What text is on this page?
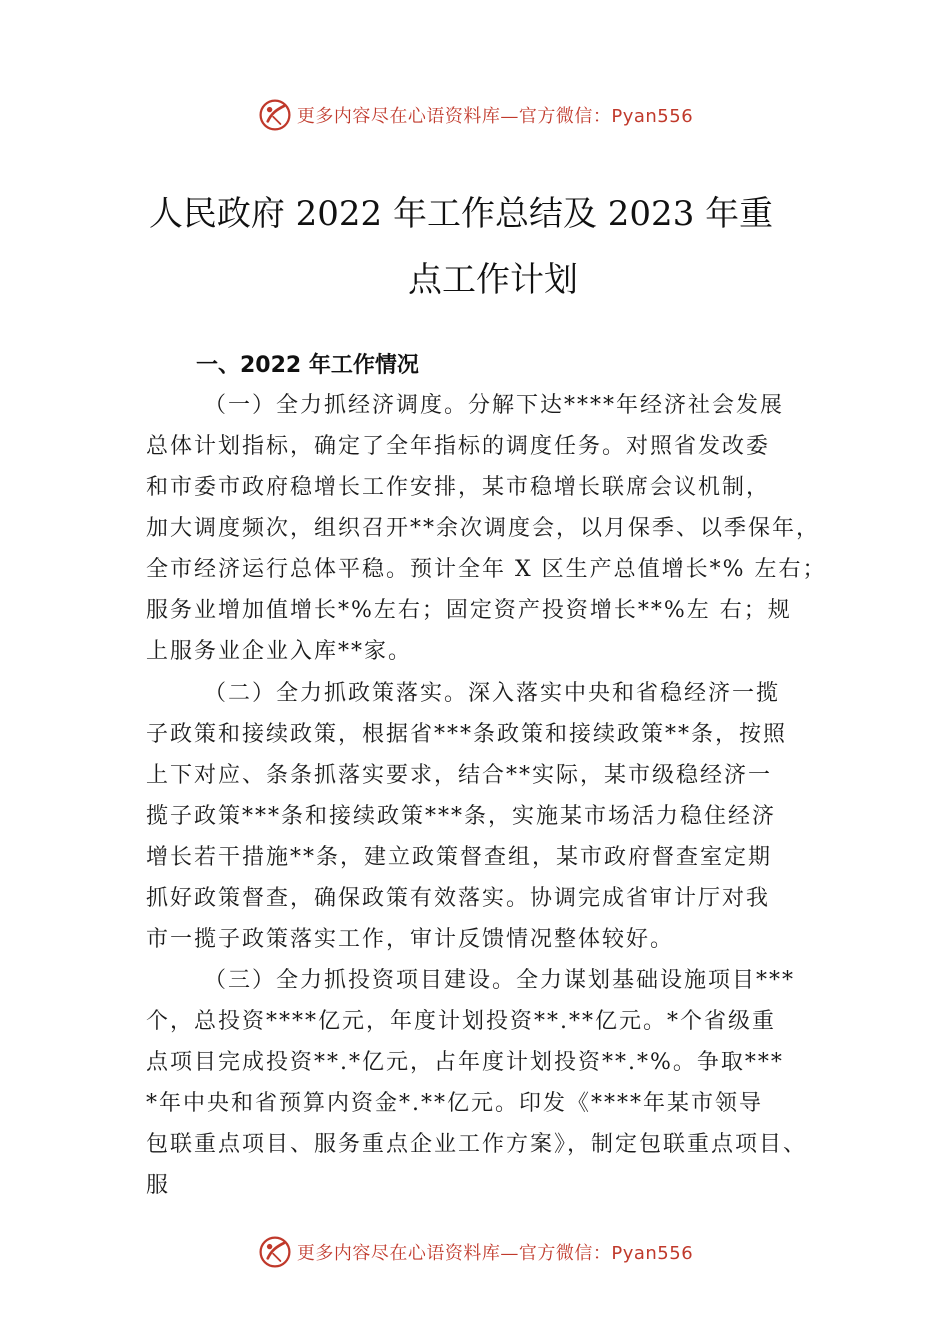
更多内容尽在心语资料库—官方微信：Pyan556
人民政府 2022 年工作总结及 2023 年重
点工作计划
一、2022 年工作情况
（一）全力抓经济调度。分解下达****年经济社会发展
总体计划指标，确定了全年指标的调度任务。对照省发改委
和市委市政府稳增长工作安排，某市稳增长联席会议机制，
加大调度频次，组织召开**余次调度会，以月保季、以季保年，
全市经济运行总体平稳。预计全年 X 区生产总值增长*% 左右；
服务业增加值增长*%左右；固定资产投资增长**%左 右；规
上服务业企业入库**家。
（二）全力抓政策落实。深入落实中央和省稳经济一揽
子政策和接续政策，根据省***条政策和接续政策**条，按照
上下对应、条条抓落实要求，结合**实际，某市级稳经济一
揽子政策***条和接续政策***条，实施某市场活力稳住经济
增长若干措施**条，建立政策督查组，某市政府督查室定期
抓好政策督查，确保政策有效落实。协调完成省审计厅对我
市一揽子政策落实工作，审计反馈情况整体较好。
（三）全力抓投资项目建设。全力谋划基础设施项目***
个，总投资****亿元，年度计划投资**.**亿元。*个省级重
点项目完成投资**.*亿元，占年度计划投资**.*%。争取***
*年中央和省预算内资金*.**亿元。印发《****年某市领导
包联重点项目、服务重点企业工作方案》，制定包联重点项目、
服
更多内容尽在心语资料库—官方微信：Pyan556
